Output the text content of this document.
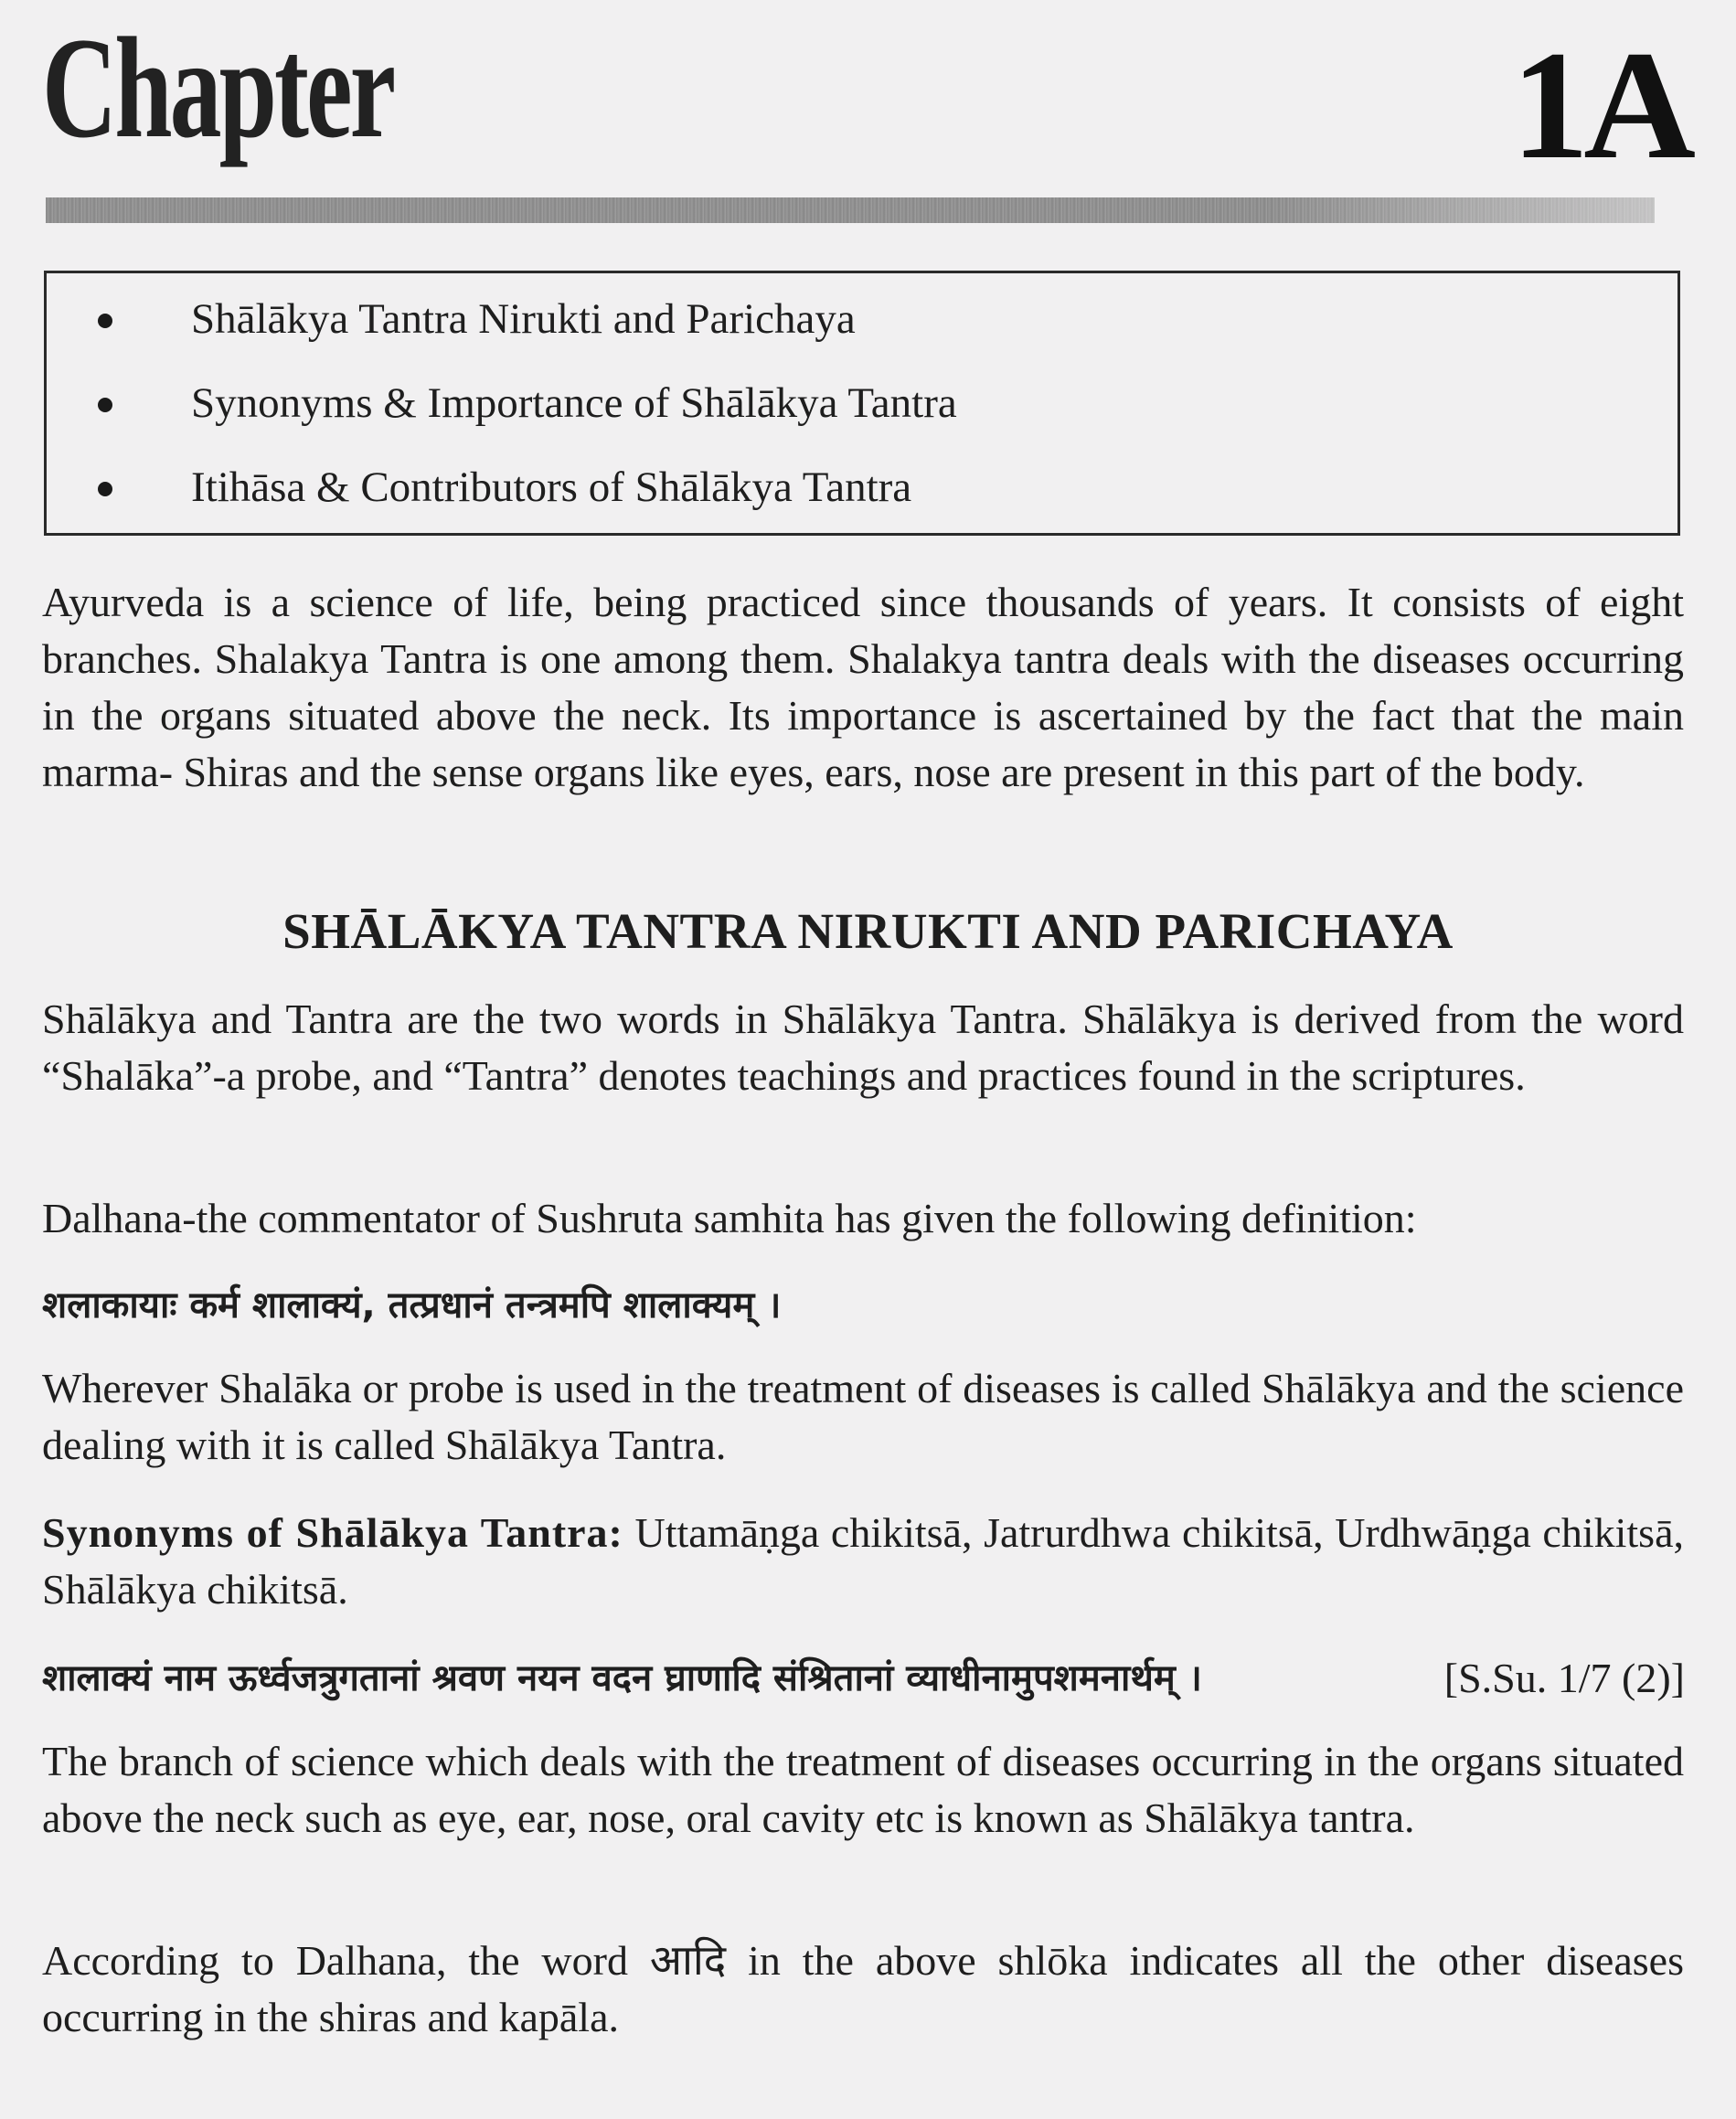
Chapter	1A
Shālākya Tantra Nirukti and Parichaya
Synonyms & Importance of Shālākya Tantra
Itihāsa & Contributors of Shālākya Tantra
Ayurveda is a science of life, being practiced since thousands of years. It consists of eight branches. Shalakya Tantra is one among them. Shalakya tantra deals with the diseases occurring in the organs situated above the neck. Its importance is ascertained by the fact that the main marma- Shiras and the sense organs like eyes, ears, nose are present in this part of the body.
SHĀLĀKYA TANTRA NIRUKTI AND PARICHAYA
Shālākya and Tantra are the two words in Shālākya Tantra. Shālākya is derived from the word “Shalāka”-a probe, and “Tantra” denotes teachings and practices found in the scriptures.
Dalhana-the commentator of Sushruta samhita has given the following definition:
शलाकायाः कर्म शालाक्यं, तत्प्रधानं तन्त्रमपि शालाक्यम् ।
Wherever Shalāka or probe is used in the treatment of diseases is called Shālākya and the science dealing with it is called Shālākya Tantra.
Synonyms of Shālākya Tantra: Uttamāṇga chikitsā, Jatrurdhwa chikitsā, Urdhwāṇga chikitsā, Shālākya chikitsā.
शालाक्यं नाम ऊर्ध्वजत्रुगतानां श्रवण नयन वदन घ्राणादि संश्रितानां व्याधीनामुपशमनार्थम् ।	[S.Su. 1/7 (2)]
The branch of science which deals with the treatment of diseases occurring in the organs situated above the neck such as eye, ear, nose, oral cavity etc is known as Shālākya tantra.
According to Dalhana, the word आदि in the above shlōka indicates all the other diseases occurring in the shiras and kapāla.
